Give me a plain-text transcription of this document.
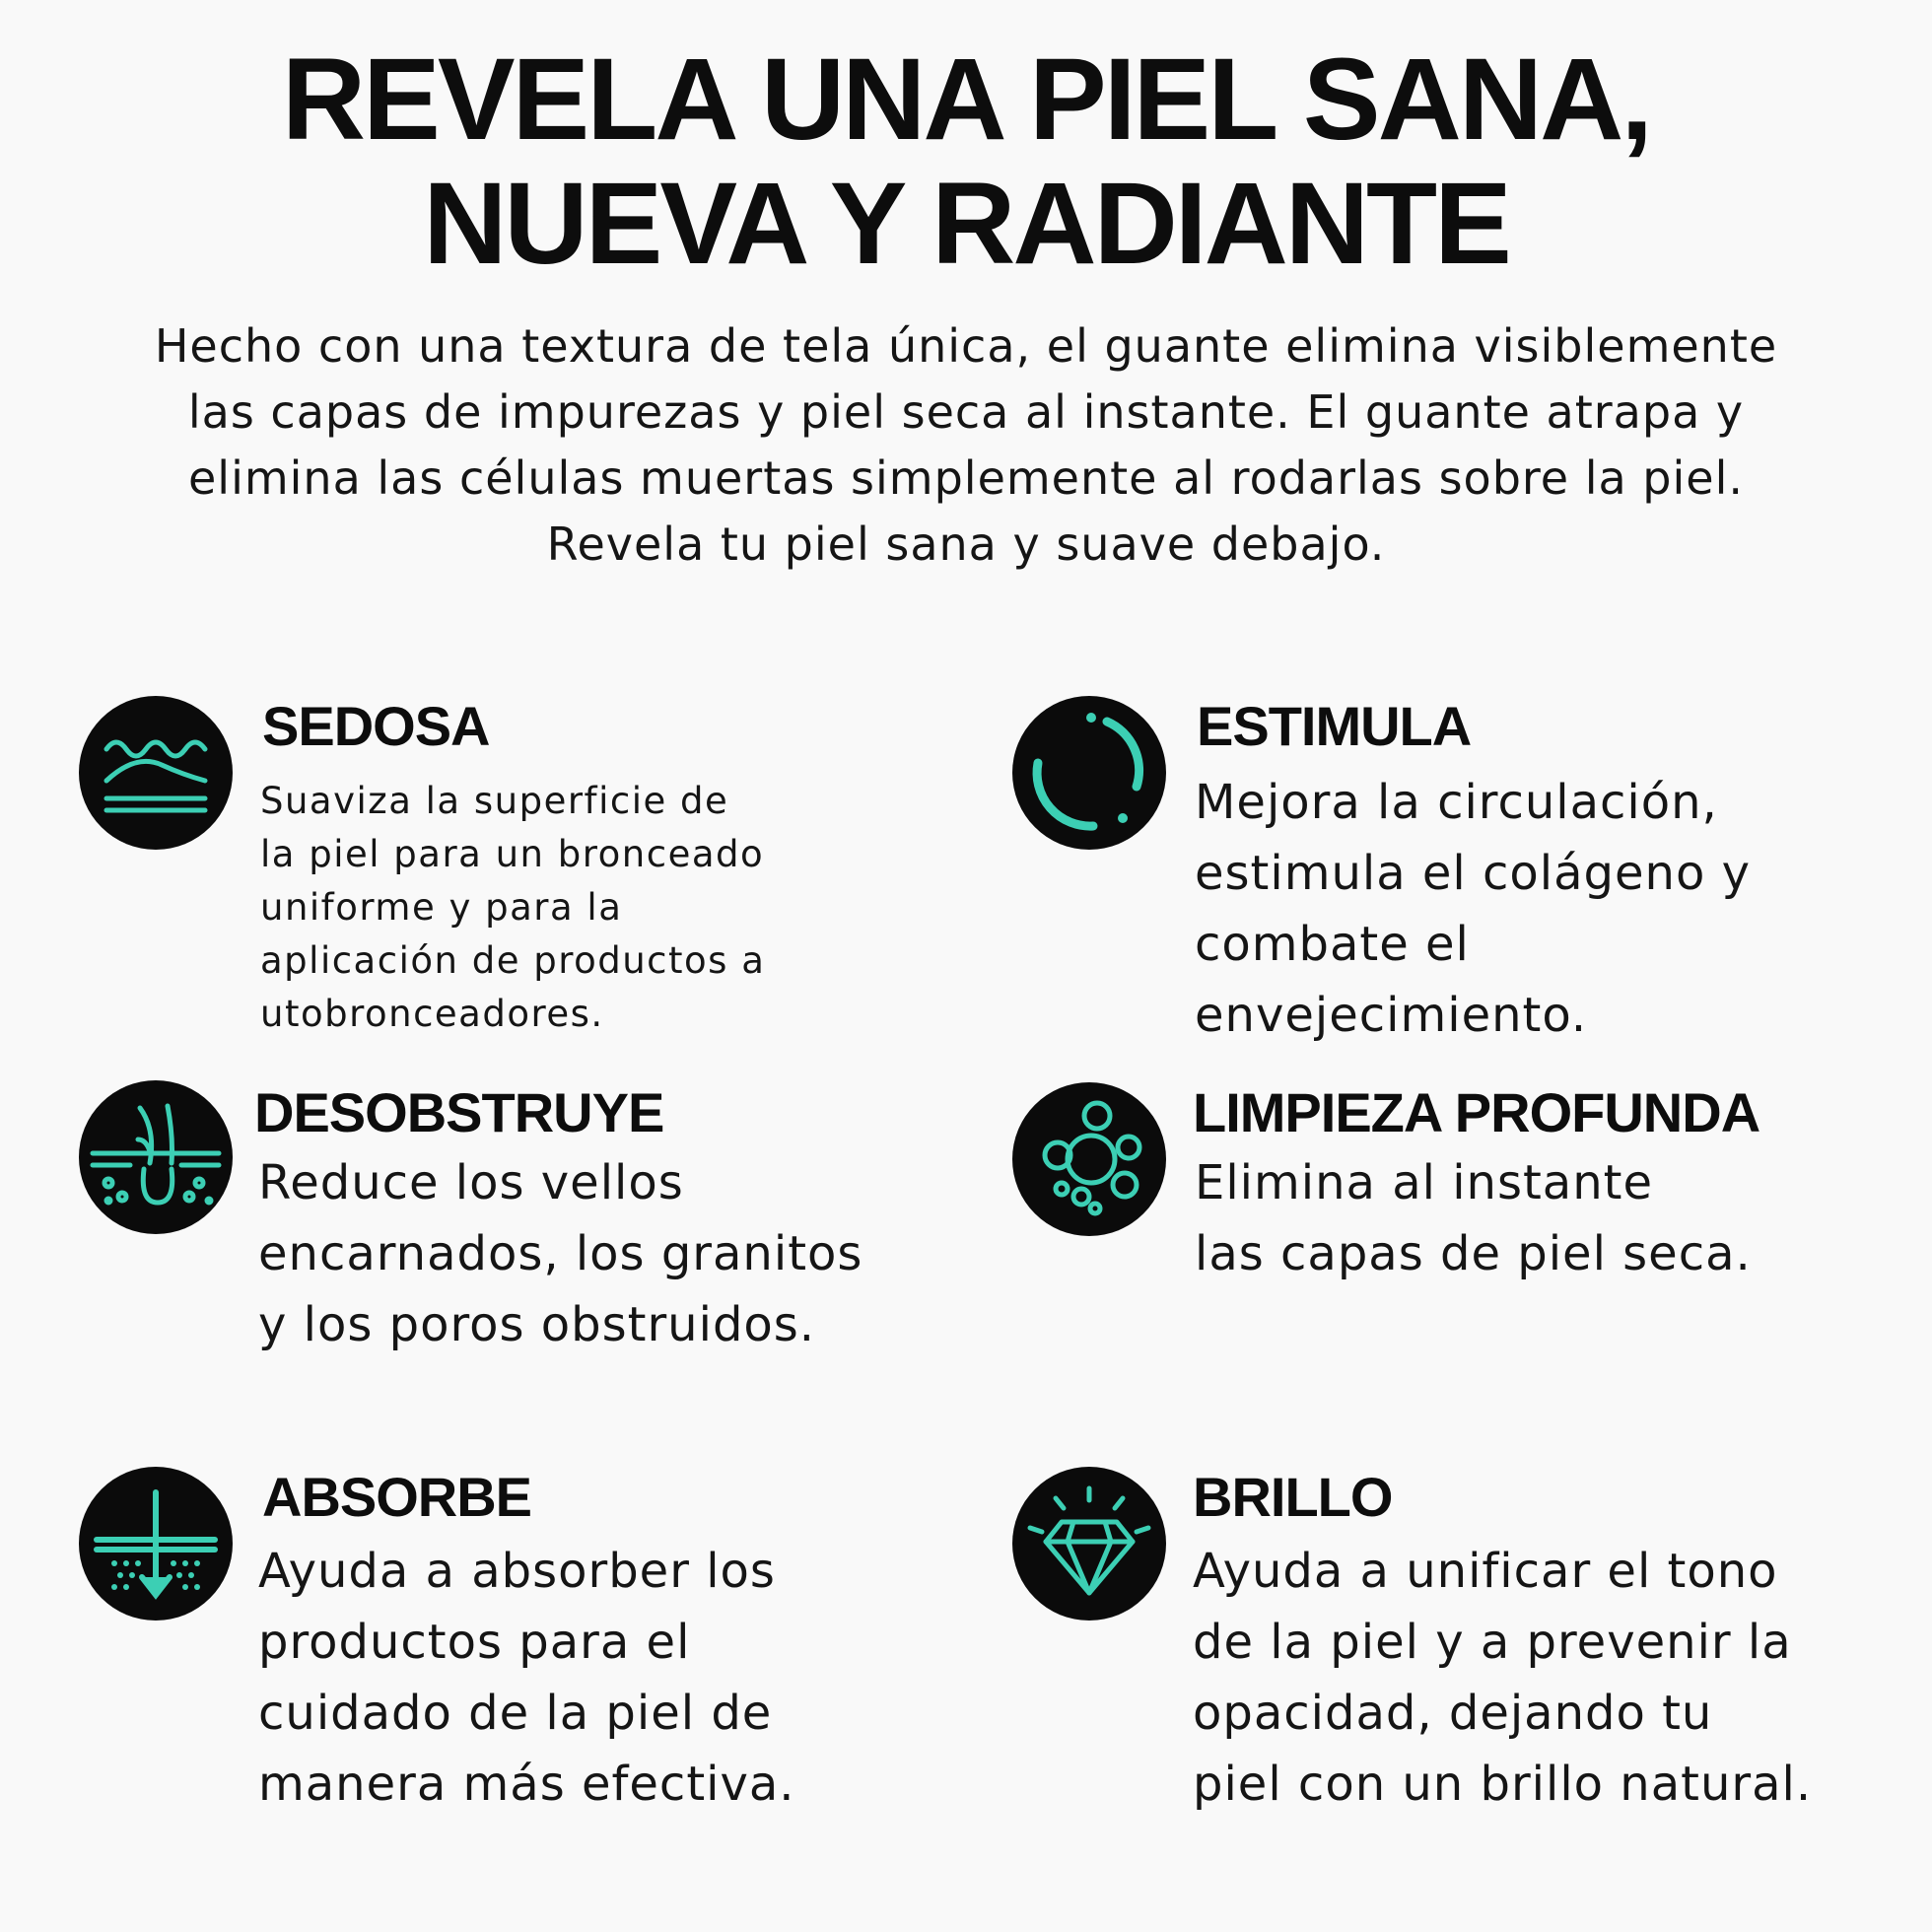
REVELA UNA PIEL SANA,
NUEVA Y RADIANTE

Hecho con una textura de tela única, el guante elimina visiblemente
las capas de impurezas y piel seca al instante. El guante atrapa y
elimina las células muertas simplemente al rodarlas sobre la piel.
Revela tu piel sana y suave debajo.

SEDOSA

Suaviza la superficie de
la piel para un bronceado
uniforme y para la
aplicación de productos a
utobronceadores.

ESTIMULA

Mejora la circulación,
estimula el colágeno y
combate el
envejecimiento.

DESOBSTRUYE

Reduce los vellos
encarnados, los granitos
y los poros obstruidos.

LIMPIEZA PROFUNDA

Elimina al instante
las capas de piel seca.

ABSORBE

Ayuda a absorber los
productos para el
cuidado de la piel de
manera más efectiva.

BRILLO

Ayuda a unificar el tono
de la piel y a prevenir la
opacidad, dejando tu
piel con un brillo natural.
